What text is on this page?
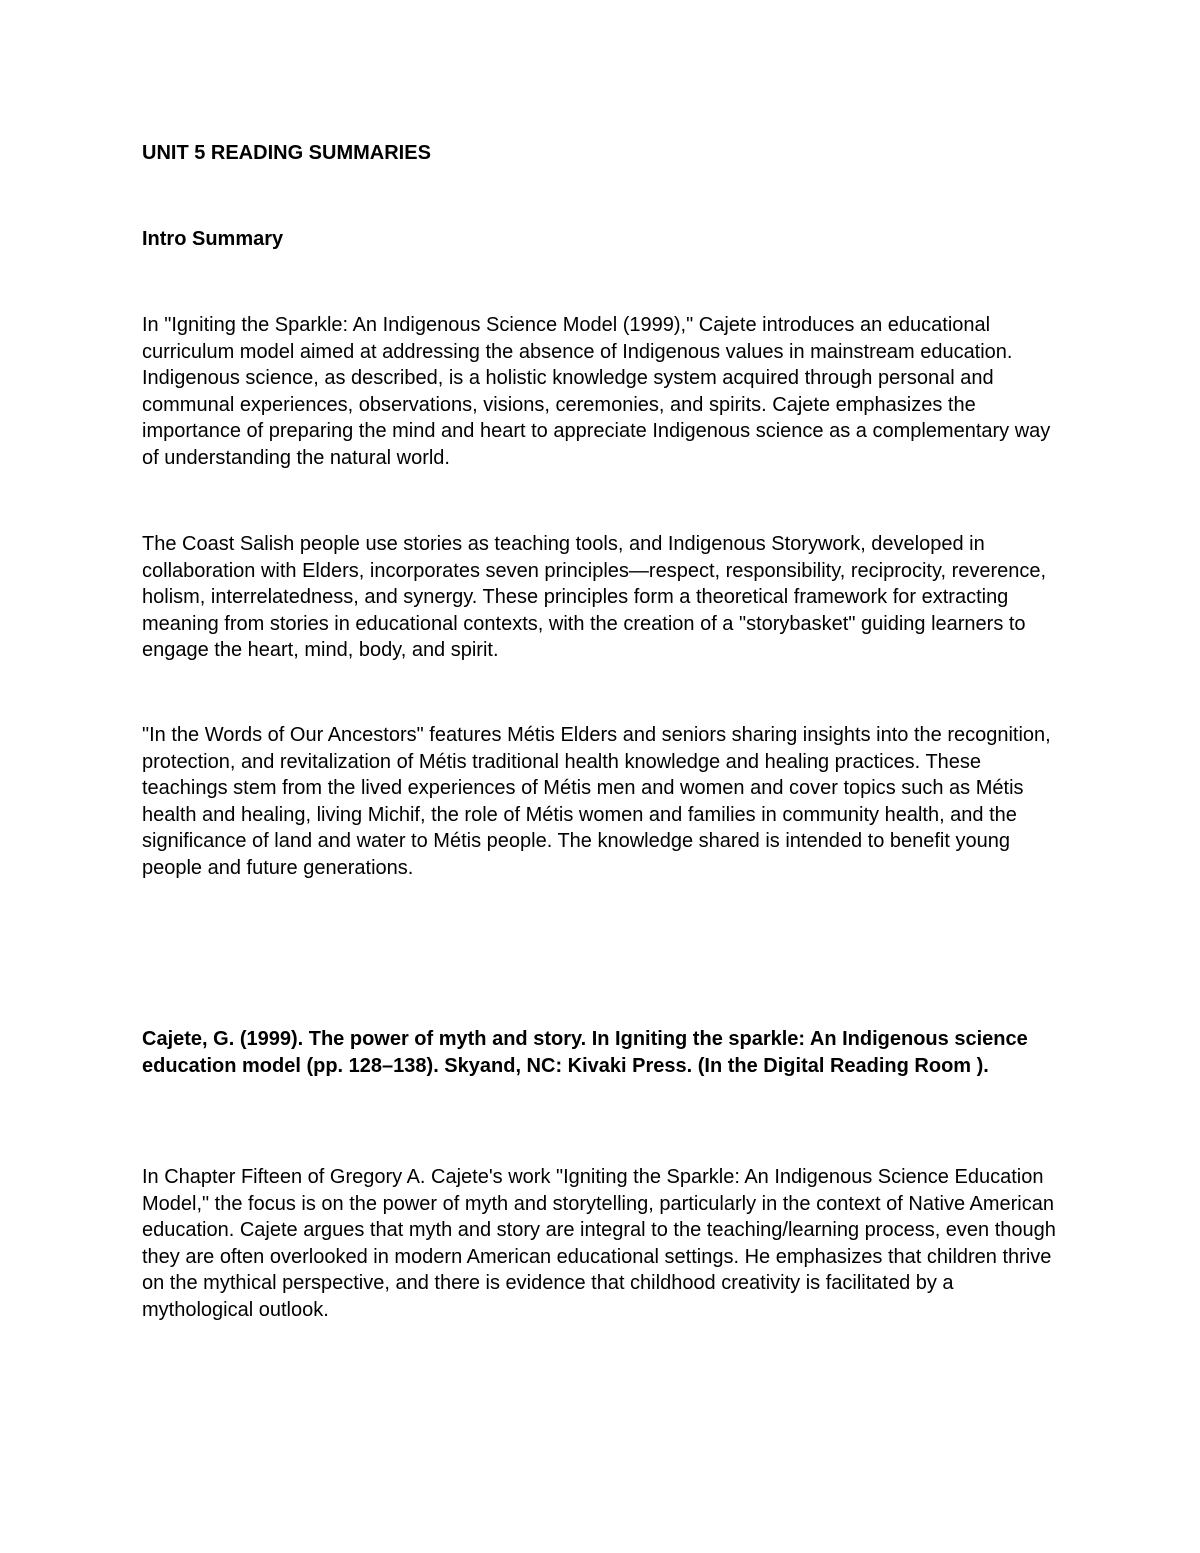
UNIT 5 READING SUMMARIES

Intro Summary

In "Igniting the Sparkle: An Indigenous Science Model (1999)," Cajete introduces an educational curriculum model aimed at addressing the absence of Indigenous values in mainstream education. Indigenous science, as described, is a holistic knowledge system acquired through personal and communal experiences, observations, visions, ceremonies, and spirits. Cajete emphasizes the importance of preparing the mind and heart to appreciate Indigenous science as a complementary way of understanding the natural world.

The Coast Salish people use stories as teaching tools, and Indigenous Storywork, developed in collaboration with Elders, incorporates seven principles—respect, responsibility, reciprocity, reverence, holism, interrelatedness, and synergy. These principles form a theoretical framework for extracting meaning from stories in educational contexts, with the creation of a "storybasket" guiding learners to engage the heart, mind, body, and spirit.

"In the Words of Our Ancestors" features Métis Elders and seniors sharing insights into the recognition, protection, and revitalization of Métis traditional health knowledge and healing practices. These teachings stem from the lived experiences of Métis men and women and cover topics such as Métis health and healing, living Michif, the role of Métis women and families in community health, and the significance of land and water to Métis people. The knowledge shared is intended to benefit young people and future generations.

Cajete, G. (1999). The power of myth and story. In Igniting the sparkle: An Indigenous science education model (pp. 128–138). Skyand, NC: Kivaki Press. (In the Digital Reading Room ).

In Chapter Fifteen of Gregory A. Cajete's work "Igniting the Sparkle: An Indigenous Science Education Model," the focus is on the power of myth and storytelling, particularly in the context of Native American education. Cajete argues that myth and story are integral to the teaching/learning process, even though they are often overlooked in modern American educational settings. He emphasizes that children thrive on the mythical perspective, and there is evidence that childhood creativity is facilitated by a mythological outlook.
